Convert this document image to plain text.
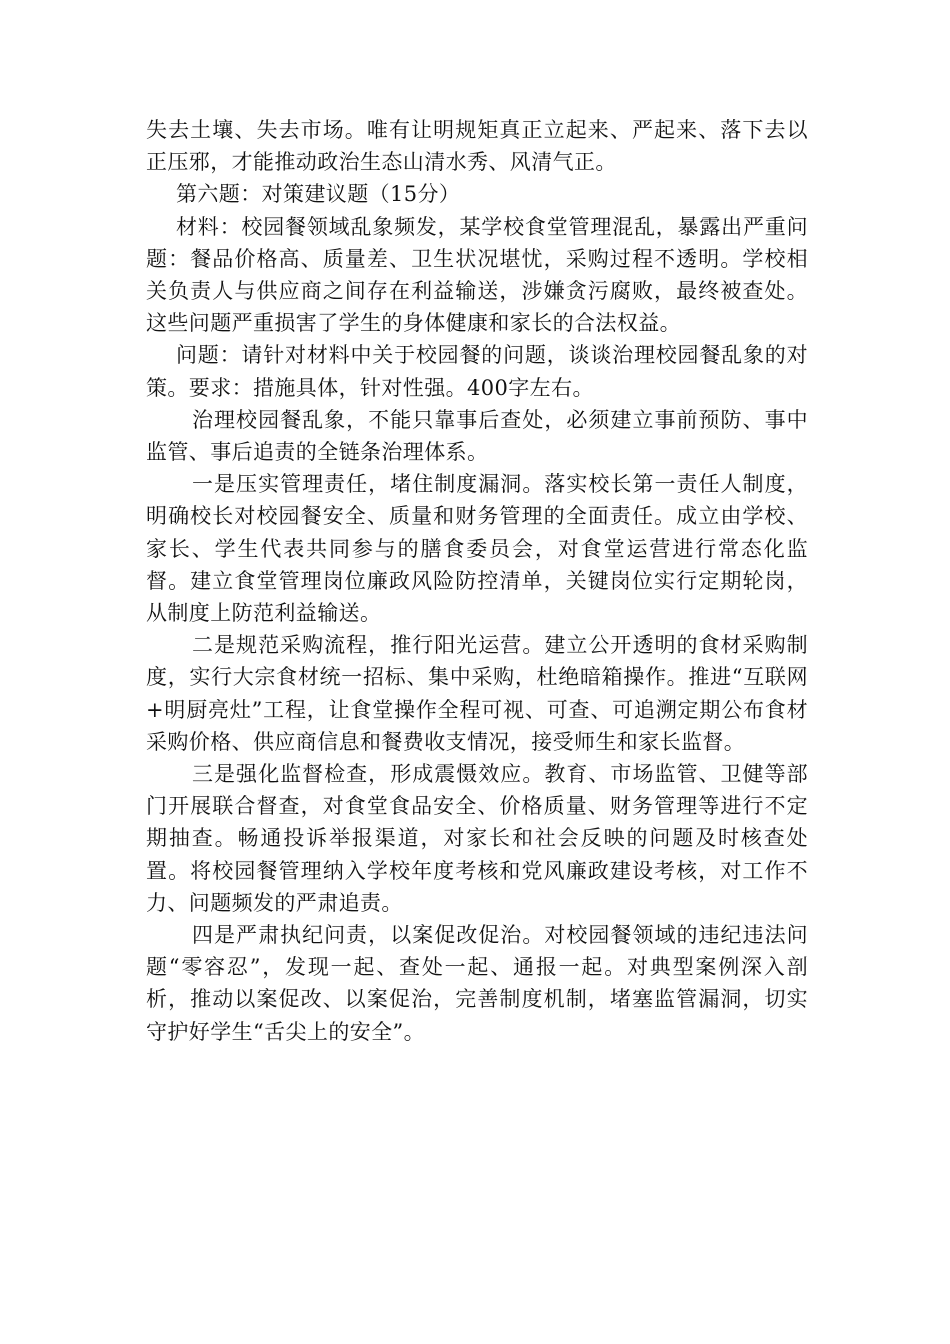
失去土壤、失去市场。唯有让明规矩真正立起来、严起来、落下去以正压邪，才能推动政治生态山清水秀、风清气正。

第六题：对策建议题（15分）

材料：校园餐领域乱象频发，某学校食堂管理混乱，暴露出严重问题：餐品价格高、质量差、卫生状况堪忧，采购过程不透明。学校相关负责人与供应商之间存在利益输送，涉嫌贪污腐败，最终被查处。这些问题严重损害了学生的身体健康和家长的合法权益。

问题：请针对材料中关于校园餐的问题，谈谈治理校园餐乱象的对策。要求：措施具体，针对性强。400字左右。

治理校园餐乱象，不能只靠事后查处，必须建立事前预防、事中监管、事后追责的全链条治理体系。

一是压实管理责任，堵住制度漏洞。落实校长第一责任人制度，明确校长对校园餐安全、质量和财务管理的全面责任。成立由学校、家长、学生代表共同参与的膳食委员会，对食堂运营进行常态化监督。建立食堂管理岗位廉政风险防控清单，关键岗位实行定期轮岗，从制度上防范利益输送。

二是规范采购流程，推行阳光运营。建立公开透明的食材采购制度，实行大宗食材统一招标、集中采购，杜绝暗箱操作。推进“互联网+明厨亮灶”工程，让食堂操作全程可视、可查、可追溯定期公布食材采购价格、供应商信息和餐费收支情况，接受师生和家长监督。

三是强化监督检查，形成震慑效应。教育、市场监管、卫健等部门开展联合督查，对食堂食品安全、价格质量、财务管理等进行不定期抽查。畅通投诉举报渠道，对家长和社会反映的问题及时核查处置。将校园餐管理纳入学校年度考核和党风廉政建设考核，对工作不力、问题频发的严肃追责。

四是严肃执纪问责，以案促改促治。对校园餐领域的违纪违法问题“零容忍”，发现一起、查处一起、通报一起。对典型案例深入剖析，推动以案促改、以案促治，完善制度机制，堵塞监管漏洞，切实守护好学生“舌尖上的安全”。
